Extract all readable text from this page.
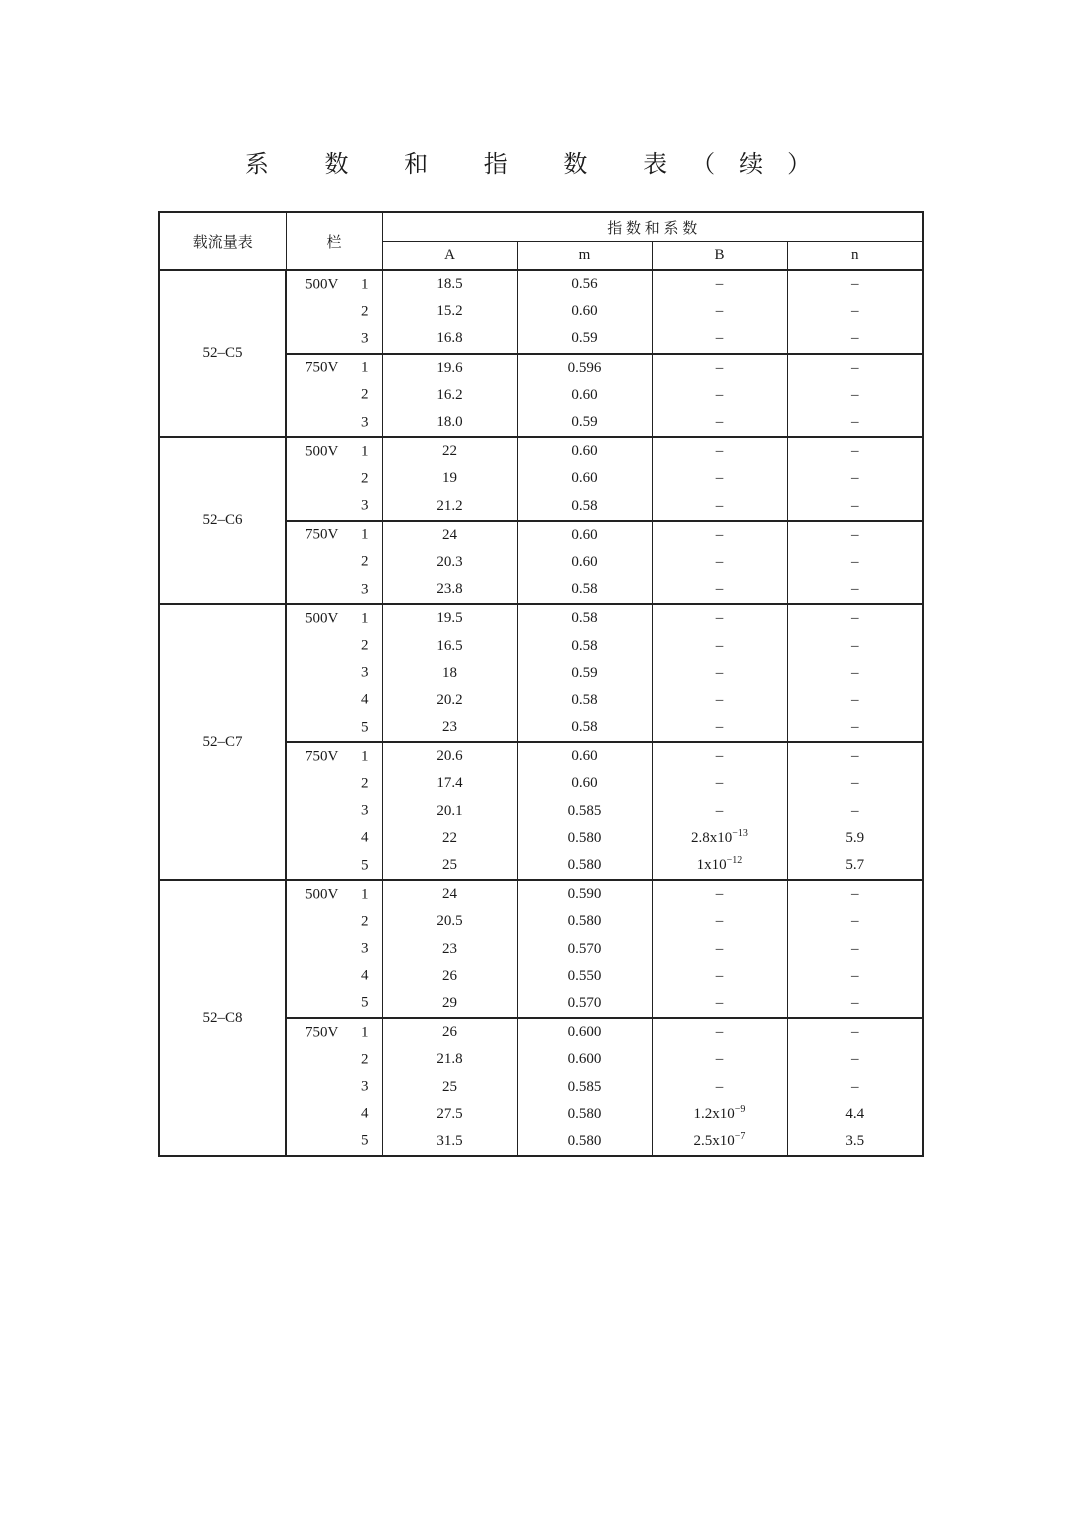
系 数 和 指 数 表（续）
载流量表	栏	指 数 和 系 数			
		A	m	B	n
52–C5	500V 1	18.5	0.56	–	–

	2	15.2	0.60	–	–

	3	16.8	0.59	–	–

	750V 1	19.6	0.596	–	–

	2	16.2	0.60	–	–

	3	18.0	0.59	–	–
52–C6	500V 1	22	0.60	–	–

	2	19	0.60	–	–

	3	21.2	0.58	–	–

	750V 1	24	0.60	–	–

	2	20.3	0.60	–	–

	3	23.8	0.58	–	–
52–C7	500V 1	19.5	0.58	–	–

	2	16.5	0.58	–	–

	3	18	0.59	–	–

	4	20.2	0.58	–	–

	5	23	0.58	–	–

	750V 1	20.6	0.60	–	–

	2	17.4	0.60	–	–

	3	20.1	0.585	–	–

	4	22	0.580	$2.8x10^{-13}$	5.9

	5	25	0.580	$1x10^{-12}$	5.7
52–C8	500V 1	24	0.590	–	–

	2	20.5	0.580	–	–

	3	23	0.570	–	–

	4	26	0.550	–	–

	5	29	0.570	–	–

	750V 1	26	0.600	–	–

	2	21.8	0.600	–	–

	3	25	0.585	–	–

	4	27.5	0.580	$1.2x10^{-9}$	4.4

	5	31.5	0.580	$2.5x10^{-7}$	3.5
